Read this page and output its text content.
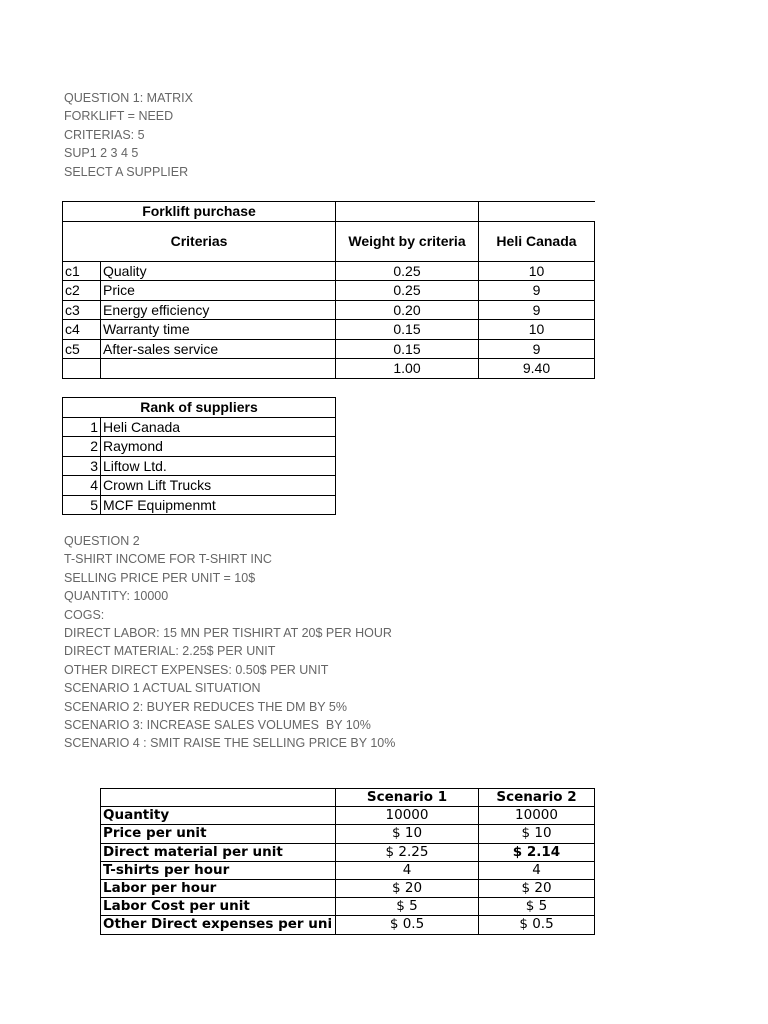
QUESTION 1: MATRIX
FORKLIFT = NEED
CRITERIAS: 5
SUP1 2 3 4 5
SELECT A SUPPLIER
Forklift purchase			
Criterias		Weight by criteria	Heli Canada
c1	Quality	0.25	10
c2	Price	0.25	9
c3	Energy efficiency	0.20	9
c4	Warranty time	0.15	10
c5	After-sales service	0.15	9
		1.00	9.40
Rank of suppliers	
1	Heli Canada
2	Raymond
3	Liftow Ltd.
4	Crown Lift Trucks
5	MCF Equipmenmt
QUESTION 2
T-SHIRT INCOME FOR T-SHIRT INC
SELLING PRICE PER UNIT = 10$
QUANTITY: 10000
COGS:
DIRECT LABOR: 15 MN PER TISHIRT AT 20$ PER HOUR
DIRECT MATERIAL: 2.25$ PER UNIT
OTHER DIRECT EXPENSES: 0.50$ PER UNIT
SCENARIO 1 ACTUAL SITUATION
SCENARIO 2: BUYER REDUCES THE DM BY 5%
SCENARIO 3: INCREASE SALES VOLUMES  BY 10%
SCENARIO 4 : SMIT RAISE THE SELLING PRICE BY 10%
	Scenario 1	Scenario 2
Quantity	10000	10000
Price per unit	$ 10	$ 10
Direct material per unit	$ 2.25	$ 2.14
T-shirts per hour	4	4
Labor per hour	$ 20	$ 20
Labor Cost per unit	$ 5	$ 5
Other Direct expenses per uni	$ 0.5	$ 0.5
